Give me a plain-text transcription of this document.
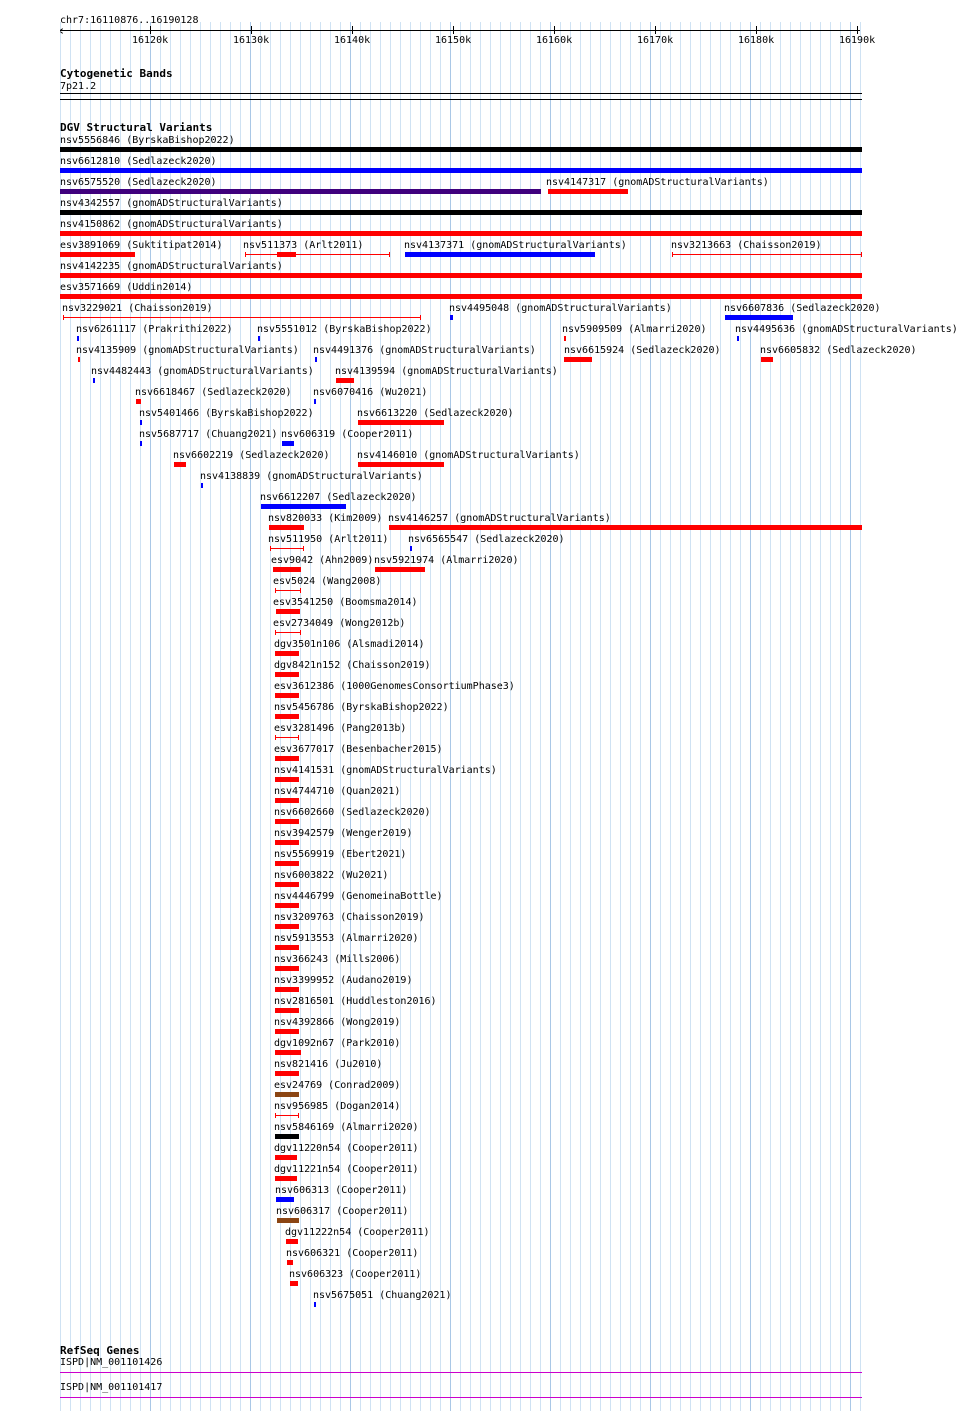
chr7:16110876..16190128
16120k	16130k	16140k	16150k	16160k	16170k	16180k	16190k
Cytogenetic Bands
7p21.2
DGV Structural Variants
nsv5556846 (ByrskaBishop2022)
nsv6612810 (Sedlazeck2020)
nsv6575520 (Sedlazeck2020)	nsv4147317 (gnomADStructuralVariants)
nsv4342557 (gnomADStructuralVariants)
nsv4150862 (gnomADStructuralVariants)
esv3891069 (Suktitipat2014) nsv511373 (Arlt2011)	nsv4137371 (gnomADStructuralVariants)	nsv3213663 (Chaisson2019)
nsv4142235 (gnomADStructuralVariants)
esv3571669 (Uddin2014)
nsv3229021 (Chaisson2019)	nsv4495048 (gnomADStructuralVariants)	nsv6607836 (Sedlazeck2020)
nsv6261117 (Prakrithi2022) nsv5551012 (ByrskaBishop2022)	nsv5909509 (Almarri2020)	nsv4495636 (gnomADStructuralVariants)
nsv4135909 (gnomADStructuralVariants) nsv4491376 (gnomADStructuralVariants)	nsv6615924 (Sedlazeck2020)	nsv6605832 (Sedlazeck2020)
nsv4482443 (gnomADStructuralVariants) nsv4139594 (gnomADStructuralVariants)
nsv6618467 (Sedlazeck2020) nsv6070416 (Wu2021)
nsv5401466 (ByrskaBishop2022)	nsv6613220 (Sedlazeck2020)
nsv5687717 (Chuang2021) nsv606319 (Cooper2011)
nsv6602219 (Sedlazeck2020)	nsv4146010 (gnomADStructuralVariants)
nsv4138839 (gnomADStructuralVariants)
nsv6612207 (Sedlazeck2020)
nsv820033 (Kim2009) nsv4146257 (gnomADStructuralVariants)
nsv511950 (Arlt2011) nsv6565547 (Sedlazeck2020)
esv9042 (Ahn2009) nsv5921974 (Almarri2020)
esv5024 (Wang2008)
esv3541250 (Boomsma2014)
esv2734049 (Wong2012b)
dgv3501n106 (Alsmadi2014)
dgv8421n152 (Chaisson2019)
esv3612386 (1000GenomesConsortiumPhase3)
nsv5456786 (ByrskaBishop2022)
esv3281496 (Pang2013b)
esv3677017 (Besenbacher2015)
nsv4141531 (gnomADStructuralVariants)
nsv4744710 (Quan2021)
nsv6602660 (Sedlazeck2020)
nsv3942579 (Wenger2019)
nsv5569919 (Ebert2021)
nsv6003822 (Wu2021)
nsv4446799 (GenomeinaBottle)
nsv3209763 (Chaisson2019)
nsv5913553 (Almarri2020)
nsv366243 (Mills2006)
nsv3399952 (Audano2019)
nsv2816501 (Huddleston2016)
nsv4392866 (Wong2019)
dgv1092n67 (Park2010)
nsv821416 (Ju2010)
esv24769 (Conrad2009)
nsv956985 (Dogan2014)
nsv5846169 (Almarri2020)
dgv11220n54 (Cooper2011)
dgv11221n54 (Cooper2011)
nsv606313 (Cooper2011)
nsv606317 (Cooper2011)
dgv11222n54 (Cooper2011)
nsv606321 (Cooper2011)
nsv606323 (Cooper2011)
nsv5675051 (Chuang2021)
RefSeq Genes
ISPD|NM_001101426
ISPD|NM_001101417
